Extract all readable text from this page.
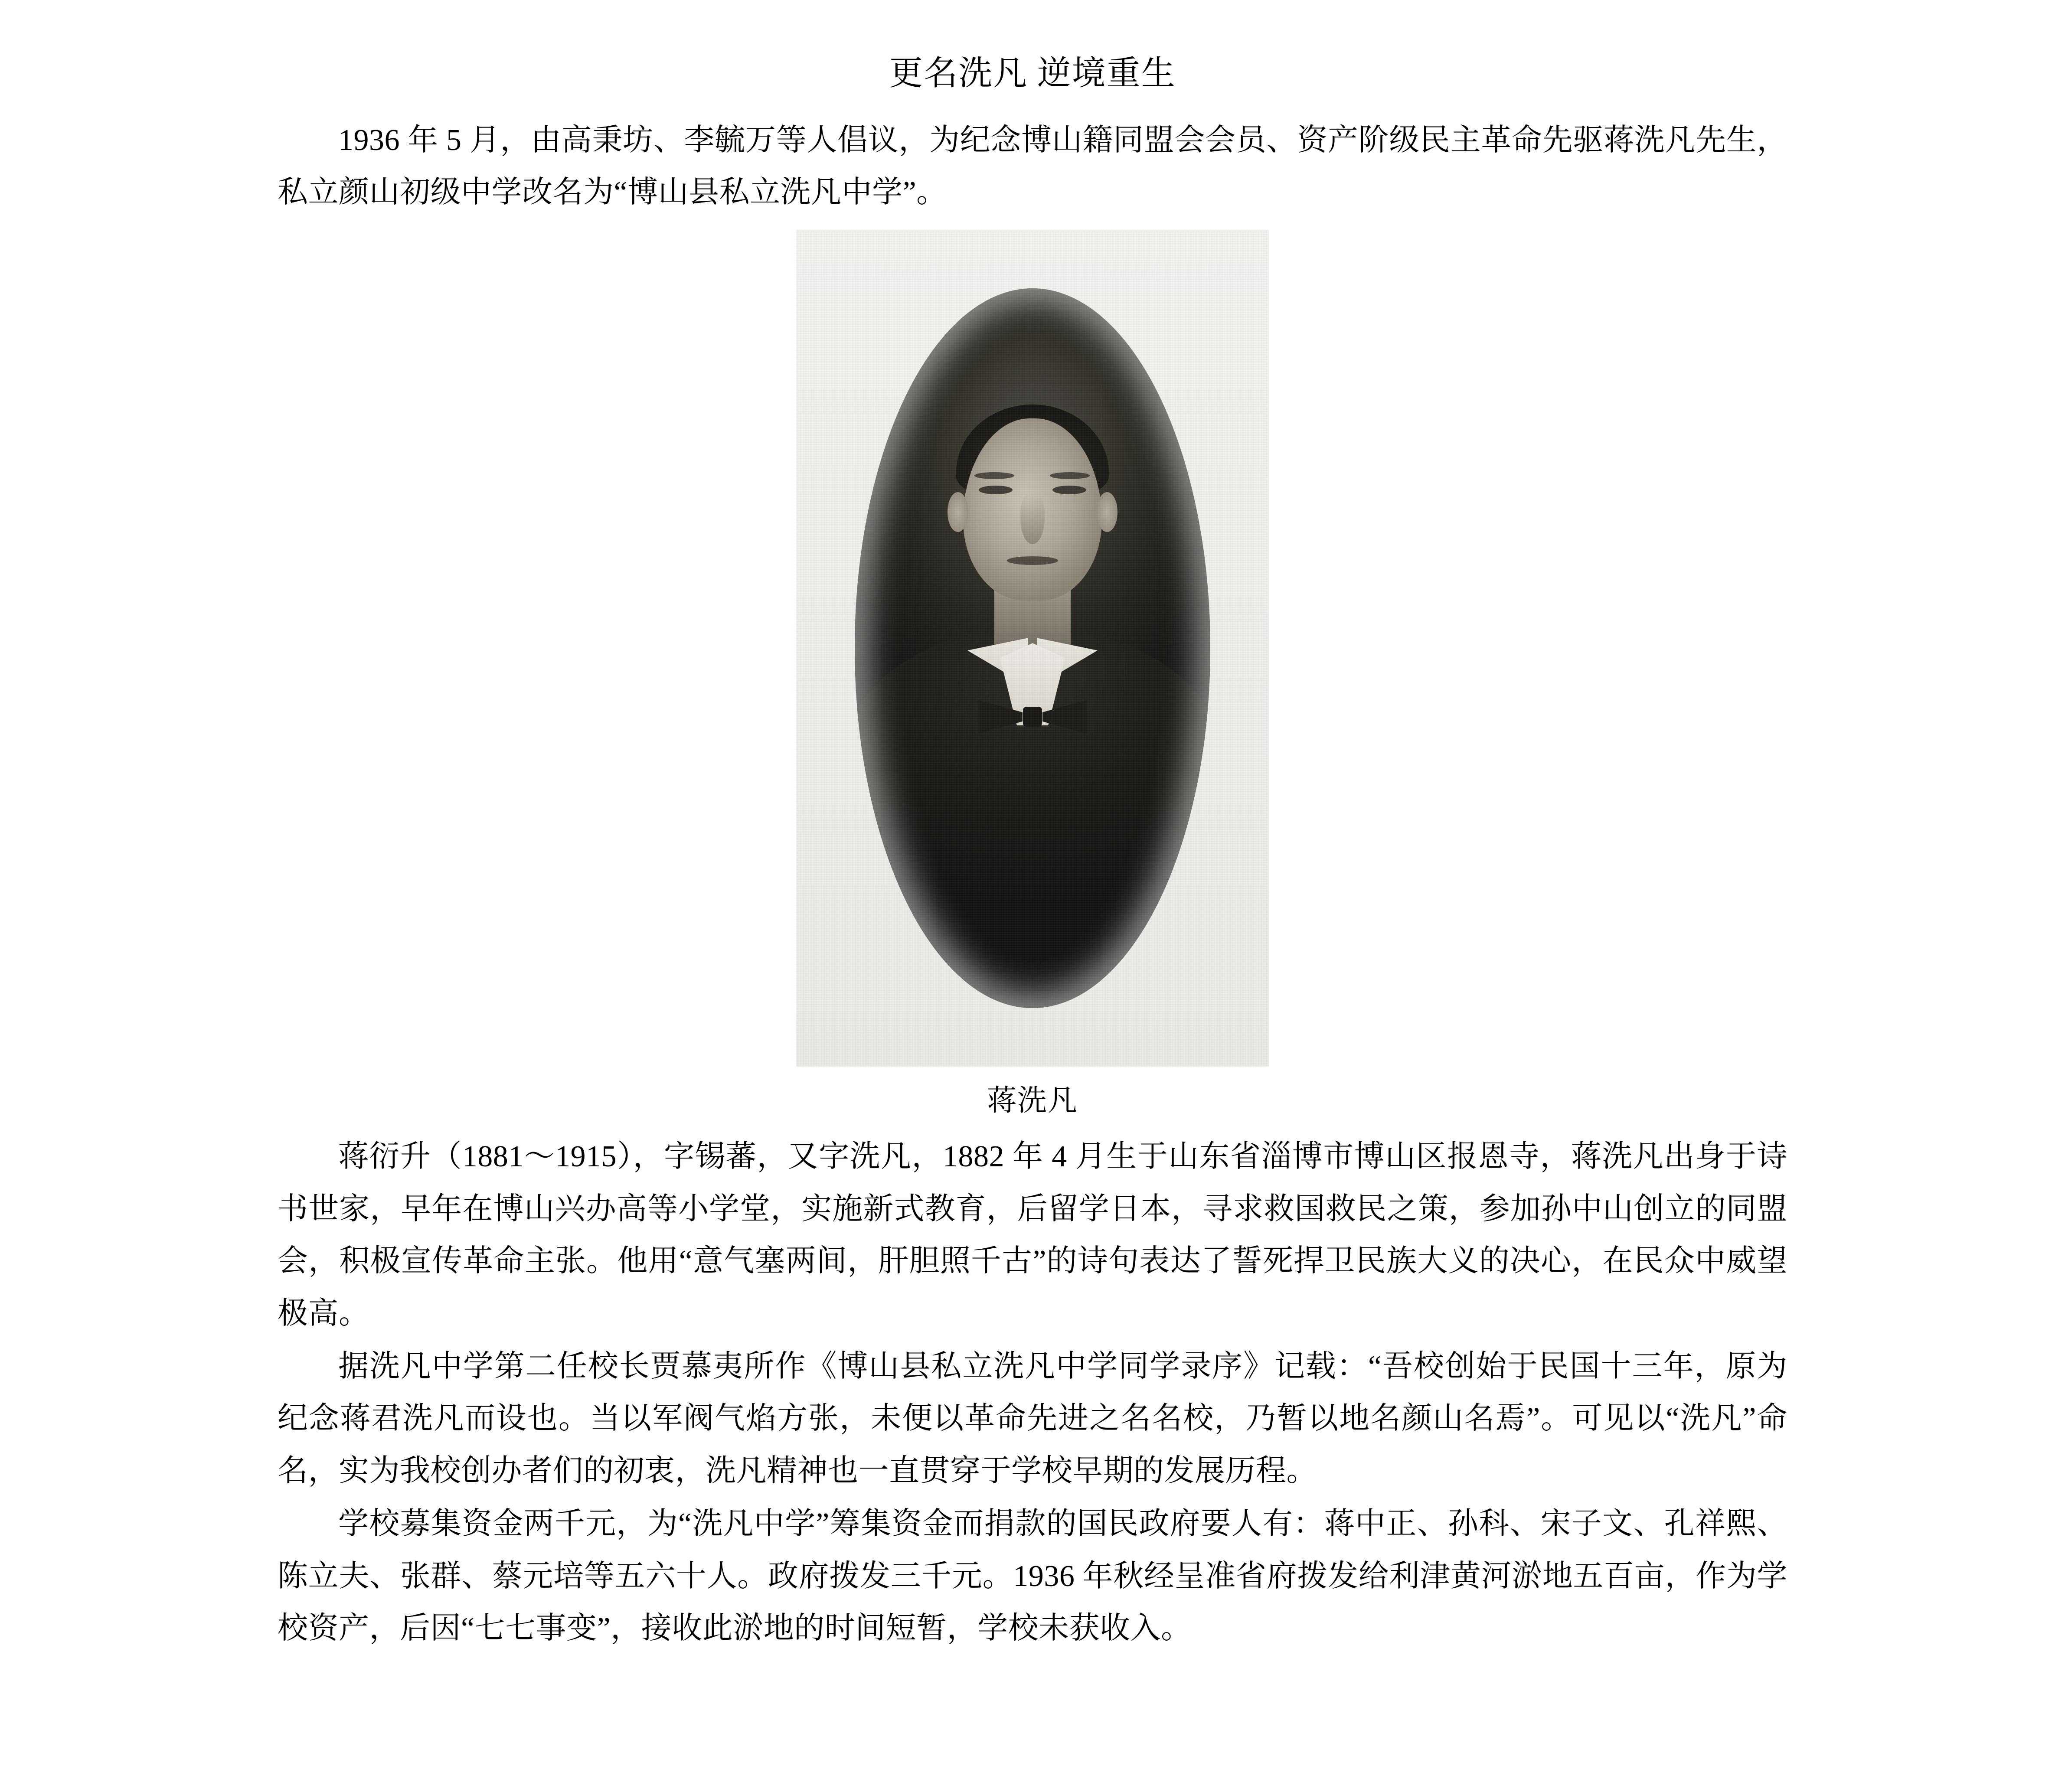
更名洗凡 逆境重生

1936 年 5 月，由高秉坊、李毓万等人倡议，为纪念博山籍同盟会会员、资产阶级民主革命先驱蒋洗凡先生，私立颜山初级中学改名为“博山县私立洗凡中学”。

蒋洗凡

蒋衍升（1881～1915），字锡蕃，又字洗凡，1882 年 4 月生于山东省淄博市博山区报恩寺，蒋洗凡出身于诗书世家，早年在博山兴办高等小学堂，实施新式教育，后留学日本，寻求救国救民之策，参加孙中山创立的同盟会，积极宣传革命主张。他用“意气塞两间，肝胆照千古”的诗句表达了誓死捍卫民族大义的决心，在民众中威望极高。

据洗凡中学第二任校长贾慕夷所作《博山县私立洗凡中学同学录序》记载：“吾校创始于民国十三年，原为纪念蒋君洗凡而设也。当以军阀气焰方张，未便以革命先进之名名校，乃暂以地名颜山名焉”。可见以“洗凡”命名，实为我校创办者们的初衷，洗凡精神也一直贯穿于学校早期的发展历程。

学校募集资金两千元，为“洗凡中学”筹集资金而捐款的国民政府要人有：蒋中正、孙科、宋子文、孔祥熙、陈立夫、张群、蔡元培等五六十人。政府拨发三千元。1936 年秋经呈准省府拨发给利津黄河淤地五百亩，作为学校资产，后因“七七事变”，接收此淤地的时间短暂，学校未获收入。
